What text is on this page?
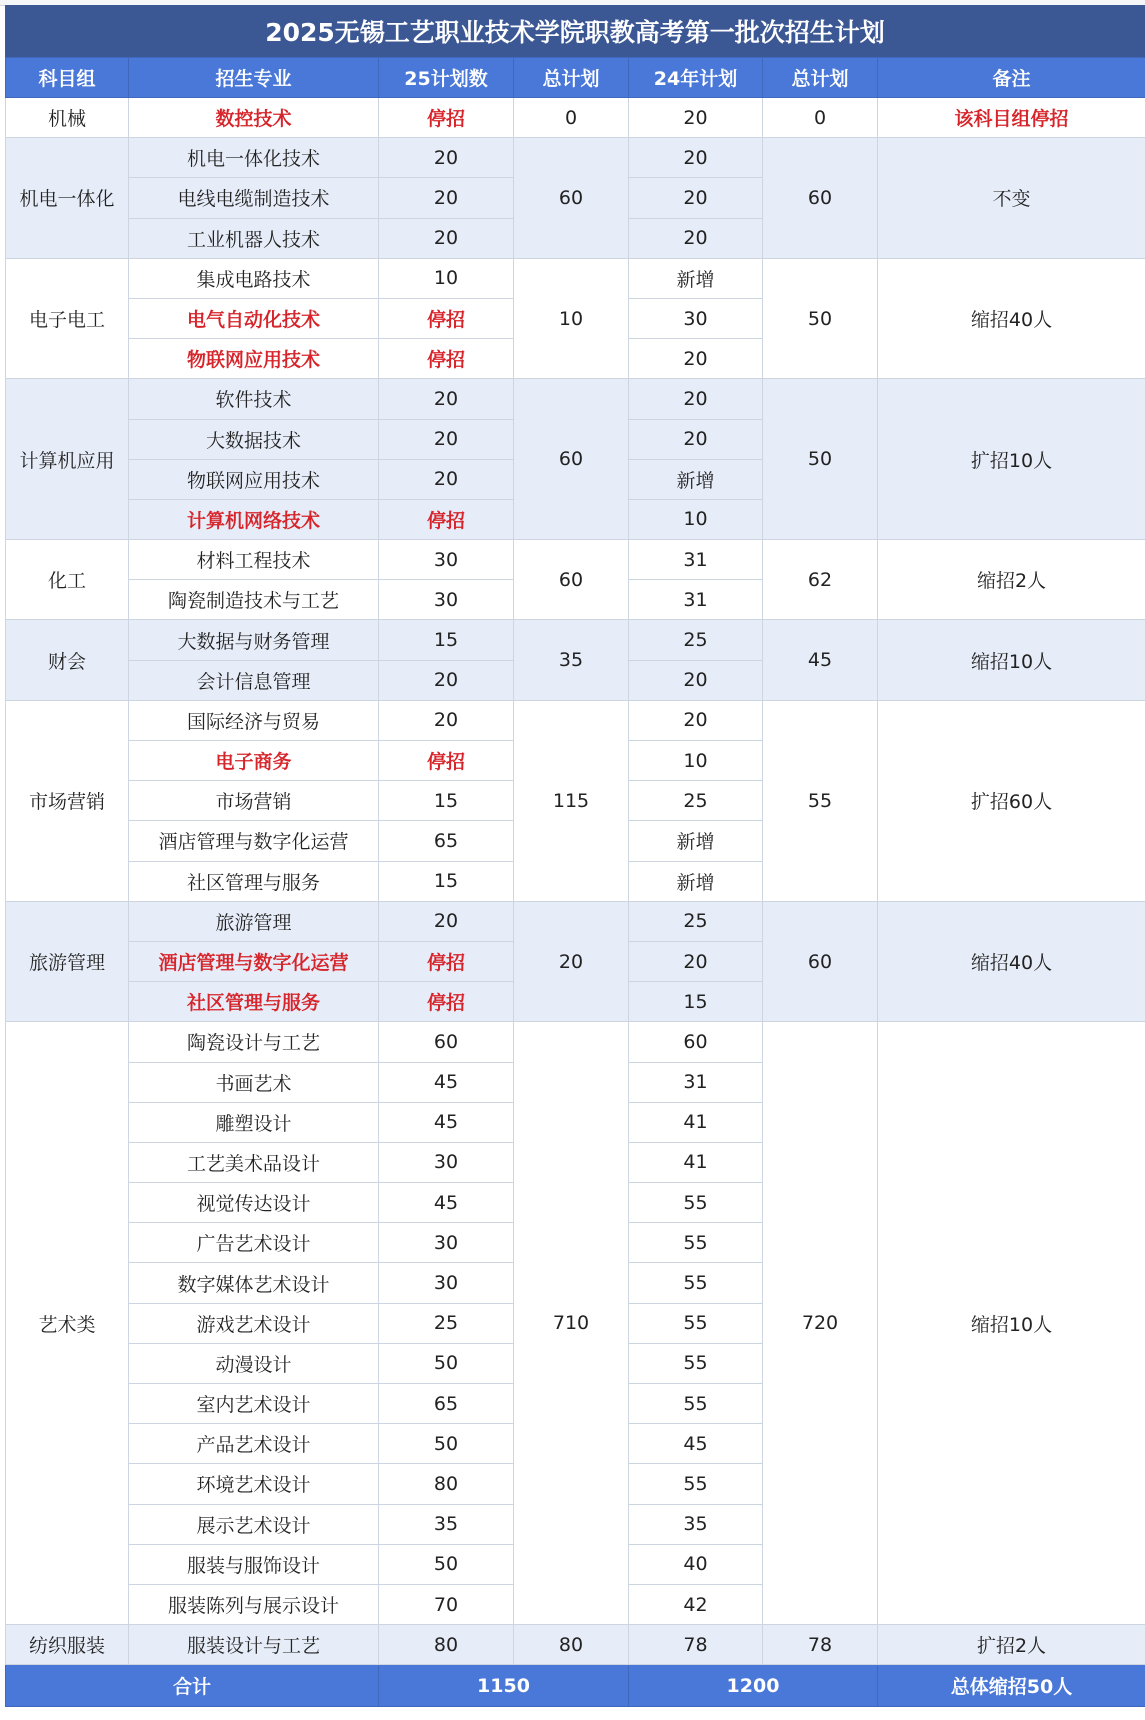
2025无锡工艺职业技术学院职教高考第一批次招生计划
科目组	招生专业	25计划数	总计划	24年计划	总计划	备注
机械	数控技术	停招	0	20	0	该科目组停招
机电一体化	机电一体化技术	20	60	20	60	不变
	电线电缆制造技术	20		20		
	工业机器人技术	20		20		
电子电工	集成电路技术	10	10	新增	50	缩招40人
	电气自动化技术	停招		30		
	物联网应用技术	停招		20		
计算机应用	软件技术	20	60	20	50	扩招10人
	大数据技术	20		20		
	物联网应用技术	20		新增		
	计算机网络技术	停招		10		
化工	材料工程技术	30	60	31	62	缩招2人
	陶瓷制造技术与工艺	30		31		
财会	大数据与财务管理	15	35	25	45	缩招10人
	会计信息管理	20		20		
市场营销	国际经济与贸易	20	115	20	55	扩招60人
	电子商务	停招		10		
	市场营销	15		25		
	酒店管理与数字化运营	65		新增		
	社区管理与服务	15		新增		
旅游管理	旅游管理	20	20	25	60	缩招40人
	酒店管理与数字化运营	停招		20		
	社区管理与服务	停招		15		
艺术类	陶瓷设计与工艺	60	710	60	720	缩招10人
	书画艺术	45		31		
	雕塑设计	45		41		
	工艺美术品设计	30		41		
	视觉传达设计	45		55		
	广告艺术设计	30		55		
	数字媒体艺术设计	30		55		
	游戏艺术设计	25		55		
	动漫设计	50		55		
	室内艺术设计	65		55		
	产品艺术设计	50		45		
	环境艺术设计	80		55		
	展示艺术设计	35		35		
	服装与服饰设计	50		40		
	服装陈列与展示设计	70		42		
纺织服装	服装设计与工艺	80	80	78	78	扩招2人
合计		1150		1200		总体缩招50人
